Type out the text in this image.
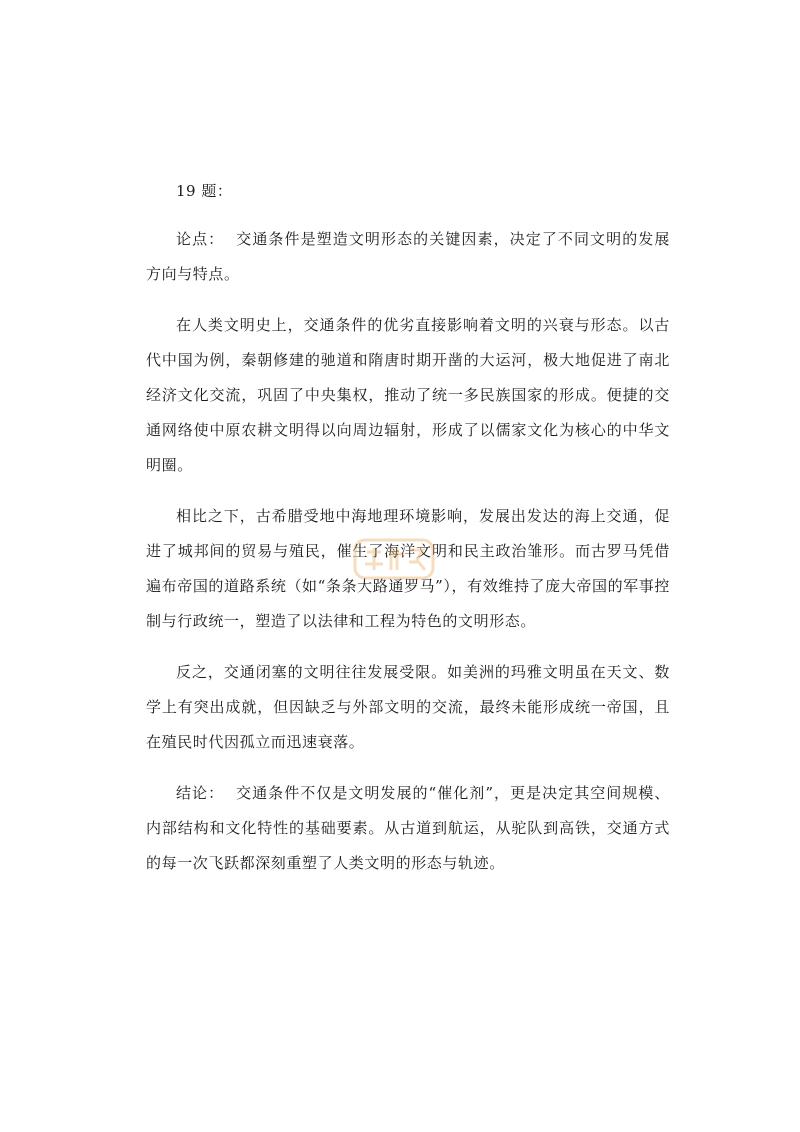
19 题：

论点： 交通条件是塑造文明形态的关键因素，决定了不同文明的发展方向与特点。

在人类文明史上，交通条件的优劣直接影响着文明的兴衰与形态。以古代中国为例，秦朝修建的驰道和隋唐时期开凿的大运河，极大地促进了南北经济文化交流，巩固了中央集权，推动了统一多民族国家的形成。便捷的交通网络使中原农耕文明得以向周边辐射，形成了以儒家文化为核心的中华文明圈。

相比之下，古希腊受地中海地理环境影响，发展出发达的海上交通，促进了城邦间的贸易与殖民，催生了海洋文明和民主政治雏形。而古罗马凭借遍布帝国的道路系统（如“条条大路通罗马”），有效维持了庞大帝国的军事控制与行政统一，塑造了以法律和工程为特色的文明形态。

反之，交通闭塞的文明往往发展受限。如美洲的玛雅文明虽在天文、数学上有突出成就，但因缺乏与外部文明的交流，最终未能形成统一帝国，且在殖民时代因孤立而迅速衰落。

结论： 交通条件不仅是文明发展的“催化剂”，更是决定其空间规模、内部结构和文化特性的基础要素。从古道到航运，从驼队到高铁，交通方式的每一次飞跃都深刻重塑了人类文明的形态与轨迹。
